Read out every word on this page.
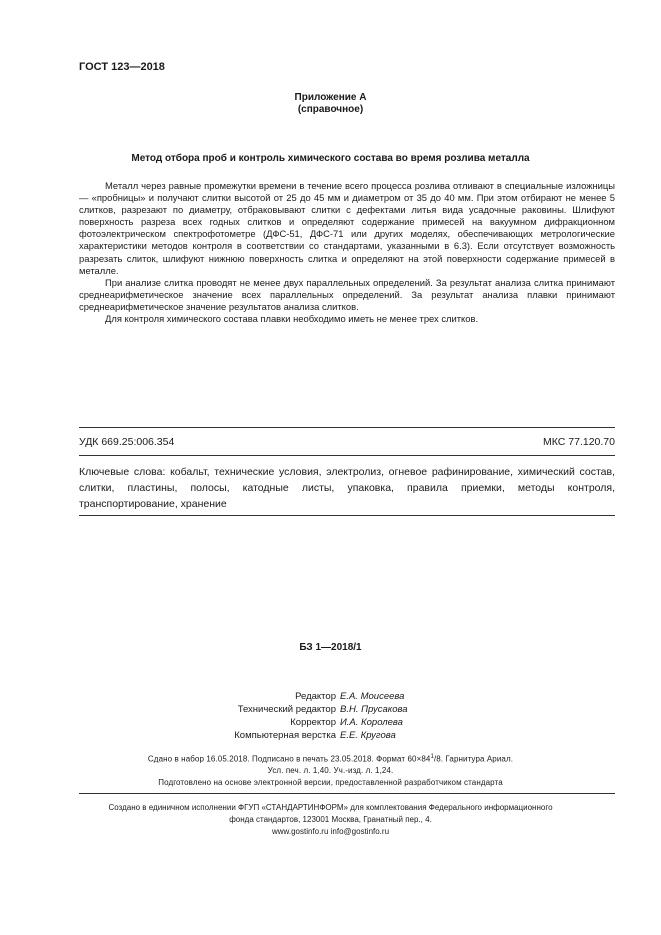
ГОСТ 123—2018
Приложение А
(справочное)
Метод отбора проб и контроль химического состава во время розлива металла

Металл через равные промежутки времени в течение всего процесса розлива отливают в специальные изложницы — «пробницы» и получают слитки высотой от 25 до 45 мм и диаметром от 35 до 40 мм. При этом отбирают не менее 5 слитков, разрезают по диаметру, отбраковывают слитки с дефектами литья вида усадочные раковины. Шлифуют поверхность разреза всех годных слитков и определяют содержание примесей на вакуумном дифракционном фотоэлектрическом спектрофотометре (ДФС-51, ДФС-71 или других моделях, обеспечивающих метрологические характеристики методов контроля в соответствии со стандартами, указанными в 6.3). Если отсутствует возможность разрезать слиток, шлифуют нижнюю поверхность слитка и определяют на этой поверхности содержание примесей в металле.

При анализе слитка проводят не менее двух параллельных определений. За результат анализа слитка принимают среднеарифметическое значение всех параллельных определений. За результат анализа плавки принимают среднеарифметическое значение результатов анализа слитков.

Для контроля химического состава плавки необходимо иметь не менее трех слитков.

УДК 669.25:006.354	МКС 77.120.70
Ключевые слова: кобальт, технические условия, электролиз, огневое рафинирование, химический состав, слитки, пластины, полосы, катодные листы, упаковка, правила приемки, методы контроля, транспортирование, хранение
БЗ 1—2018/1
Редактор Е.А. Моисеева
Технический редактор В.Н. Прусакова
Корректор И.А. Королева
Компьютерная верстка Е.Е. Кругова
Сдано в набор 16.05.2018. Подписано в печать 23.05.2018. Формат $60\times 84^1/8$. Гарнитура Ариал.
Усл. печ. л. 1,40. Уч.-изд. л. 1,24.
Подготовлено на основе электронной версии, предоставленной разработчиком стандарта
Создано в единичном исполнении ФГУП «СТАНДАРТИНФОРМ» для комплектования Федерального информационного
фонда стандартов, 123001 Москва, Гранатный пер., 4.
www.gostinfo.ru info@gostinfo.ru
